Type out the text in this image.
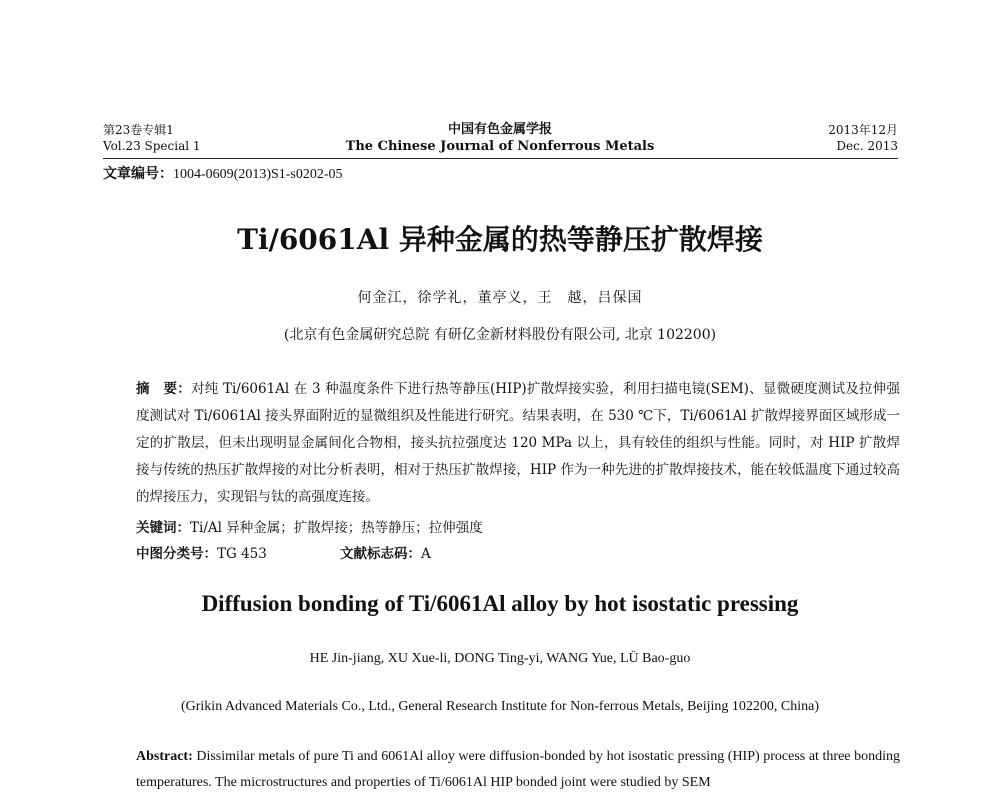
第23卷专辑1
Vol.23 Special 1
中国有色金属学报
The Chinese Journal of Nonferrous Metals
2013年12月
Dec. 2013
文章编号：1004-0609(2013)S1-s0202-05
Ti/6061Al 异种金属的热等静压扩散焊接
何金江，徐学礼，董亭义，王　越，吕保国
(北京有色金属研究总院 有研亿金新材料股份有限公司, 北京 102200)
摘　要：对纯 Ti/6061Al 在 3 种温度条件下进行热等静压(HIP)扩散焊接实验，利用扫描电镜(SEM)、显微硬度测试及拉伸强度测试对 Ti/6061Al 接头界面附近的显微组织及性能进行研究。结果表明，在 530 ℃下，Ti/6061Al 扩散焊接界面区域形成一定的扩散层，但未出现明显金属间化合物相，接头抗拉强度达 120 MPa 以上，具有较佳的组织与性能。同时，对 HIP 扩散焊接与传统的热压扩散焊接的对比分析表明，相对于热压扩散焊接，HIP 作为一种先进的扩散焊接技术，能在较低温度下通过较高的焊接压力，实现铝与钛的高强度连接。
关键词：Ti/Al 异种金属；扩散焊接；热等静压；拉伸强度
中图分类号：TG 453	文献标志码：A
Diffusion bonding of Ti/6061Al alloy by hot isostatic pressing
HE Jin-jiang, XU Xue-li, DONG Ting-yi, WANG Yue, LÜ Bao-guo
(Grikin Advanced Materials Co., Ltd., General Research Institute for Non-ferrous Metals, Beijing 102200, China)
Abstract: Dissimilar metals of pure Ti and 6061Al alloy were diffusion-bonded by hot isostatic pressing (HIP) process at three bonding temperatures. The microstructures and properties of Ti/6061Al HIP bonded joint were studied by SEM
